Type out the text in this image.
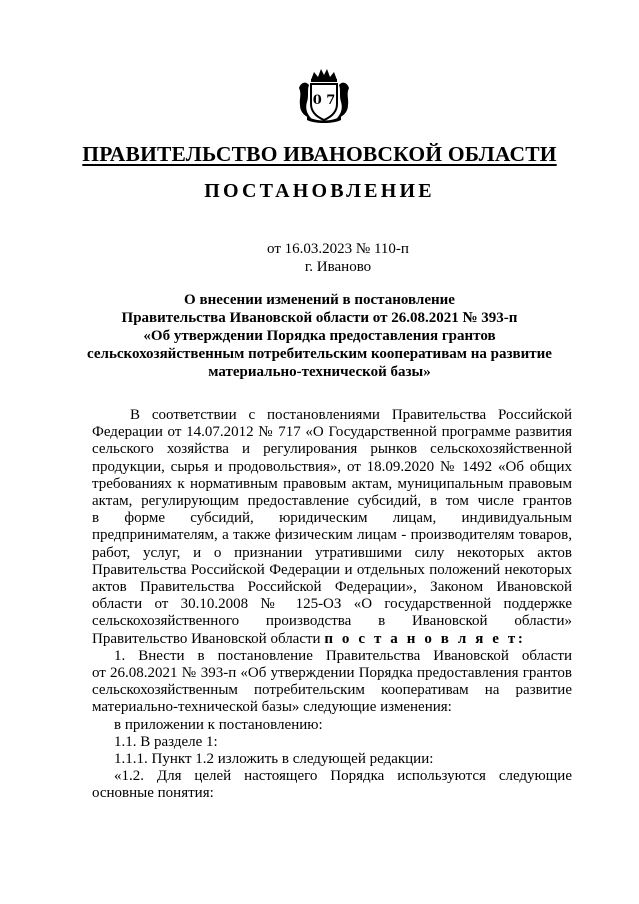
0 7
ПРАВИТЕЛЬСТВО ИВАНОВСКОЙ ОБЛАСТИ
ПОСТАНОВЛЕНИЕ
от 16.03.2023 № 110-п
г. Иваново
О внесении изменений в постановление
Правительства Ивановской области от 26.08.2021 № 393-п
«Об утверждении Порядка предоставления грантов
сельскохозяйственным потребительским кооперативам на развитие
материально-технической базы»
В соответствии с постановлениями Правительства Российской
Федерации от 14.07.2012 № 717 «О Государственной программе развития
сельского хозяйства и регулирования рынков сельскохозяйственной
продукции, сырья и продовольствия», от 18.09.2020 № 1492 «Об общих
требованиях к нормативным правовым актам, муниципальным правовым
актам, регулирующим предоставление субсидий, в том числе грантов
в форме субсидий, юридическим лицам, индивидуальным
предпринимателям, а также физическим лицам - производителям товаров,
работ, услуг, и о признании утратившими силу некоторых актов
Правительства Российской Федерации и отдельных положений некоторых
актов Правительства Российской Федерации», Законом Ивановской
области от 30.10.2008 № 125-ОЗ «О государственной поддержке
сельскохозяйственного производства в Ивановской области»
Правительство Ивановской области п о с т а н о в л я е т:
1. Внести в постановление Правительства Ивановской области
от 26.08.2021 № 393-п «Об утверждении Порядка предоставления грантов
сельскохозяйственным потребительским кооперативам на развитие
материально-технической базы» следующие изменения:
в приложении к постановлению:
1.1. В разделе 1:
1.1.1. Пункт 1.2 изложить в следующей редакции:
«1.2. Для целей настоящего Порядка используются следующие
основные понятия:
